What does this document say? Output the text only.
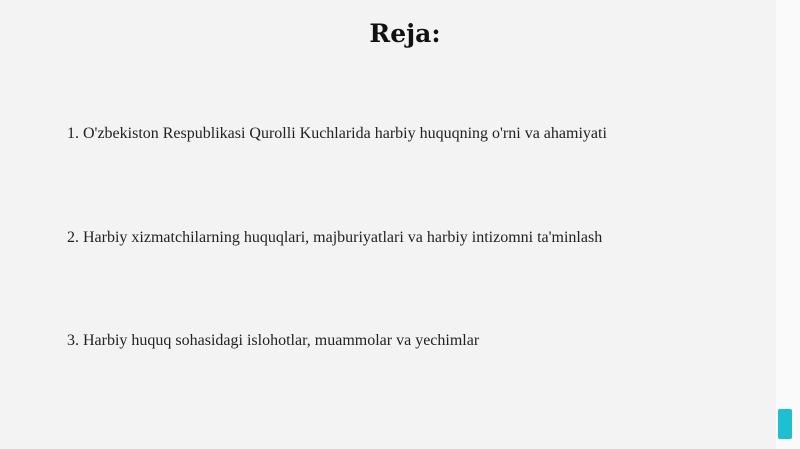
Reja:
1. O'zbekiston Respublikasi Qurolli Kuchlarida harbiy huquqning o'rni va ahamiyati
2. Harbiy xizmatchilarning huquqlari, majburiyatlari va harbiy intizomni ta'minlash
3. Harbiy huquq sohasidagi islohotlar, muammolar va yechimlar
